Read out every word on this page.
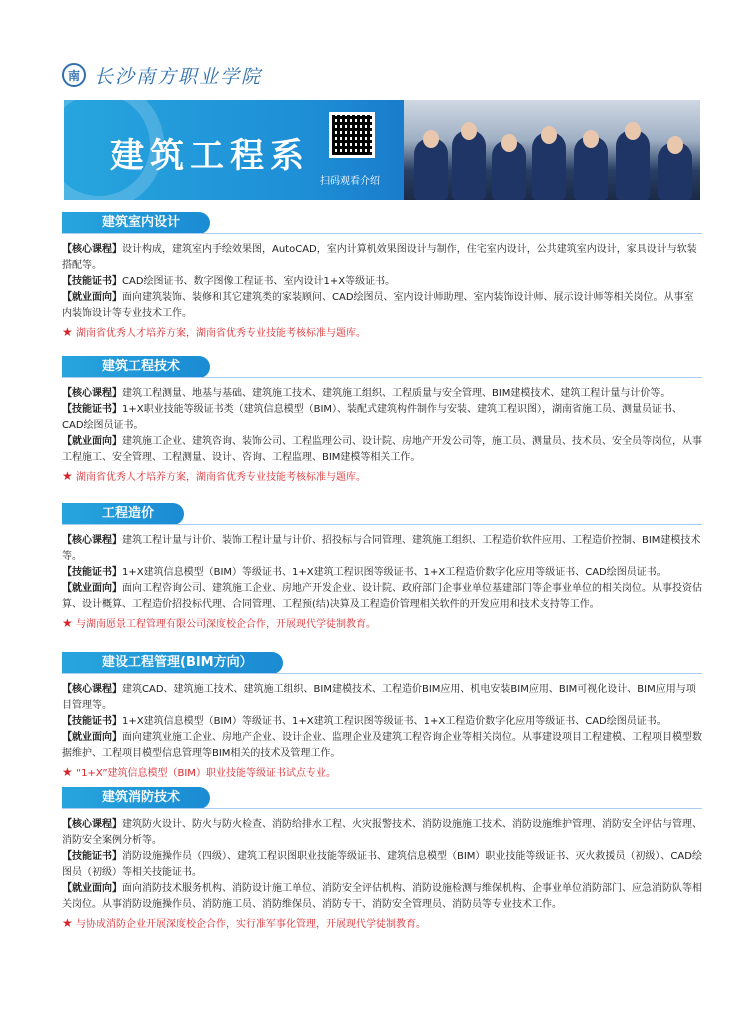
南 长沙南方职业学院
建筑工程系
扫码观看介绍
建筑室内设计

【核心课程】设计构成，建筑室内手绘效果图，AutoCAD，室内计算机效果图设计与制作，住宅室内设计，公共建筑室内设计，家具设计与软装搭配等。

【技能证书】CAD绘图证书、数字图像工程证书、室内设计1+X等级证书。

【就业面向】面向建筑装饰、装修和其它建筑类的家装顾问、CAD绘图员、室内设计师助理、室内装饰设计师、展示设计师等相关岗位。从事室内装饰设计等专业技术工作。

★ 湖南省优秀人才培养方案，湖南省优秀专业技能考核标准与题库。
建筑工程技术

【核心课程】建筑工程测量、地基与基础、建筑施工技术、建筑施工组织、工程质量与安全管理、BIM建模技术、建筑工程计量与计价等。

【技能证书】1+X职业技能等级证书类（建筑信息模型（BIM）、装配式建筑构件制作与安装、建筑工程识图），湖南省施工员、测量员证书、CAD绘图员证书。

【就业面向】建筑施工企业、建筑咨询、装饰公司、工程监理公司、设计院、房地产开发公司等，施工员、测量员、技术员、安全员等岗位，从事工程施工、安全管理、工程测量、设计、咨询、工程监理、BIM建模等相关工作。

★ 湖南省优秀人才培养方案，湖南省优秀专业技能考核标准与题库。
工程造价

【核心课程】建筑工程计量与计价、装饰工程计量与计价、招投标与合同管理、建筑施工组织、工程造价软件应用、工程造价控制、BIM建模技术等。

【技能证书】1+X建筑信息模型（BIM）等级证书、1+X建筑工程识图等级证书、1+X工程造价数字化应用等级证书、CAD绘图员证书。

【就业面向】面向工程咨询公司、建筑施工企业、房地产开发企业、设计院、政府部门企事业单位基建部门等企事业单位的相关岗位。从事投资估算、设计概算、工程造价招投标代理、合同管理、工程预(结)决算及工程造价管理相关软件的开发应用和技术支持等工作。

★ 与湖南愿景工程管理有限公司深度校企合作，开展现代学徒制教育。
建设工程管理(BIM方向）

【核心课程】建筑CAD、建筑施工技术、建筑施工组织、BIM建模技术、工程造价BIM应用、机电安装BIM应用、BIM可视化设计、BIM应用与项目管理等。

【技能证书】1+X建筑信息模型（BIM）等级证书、1+X建筑工程识图等级证书、1+X工程造价数字化应用等级证书、CAD绘图员证书。

【就业面向】面向建筑业施工企业、房地产企业、设计企业、监理企业及建筑工程咨询企业等相关岗位。从事建设项目工程建模、工程项目模型数据维护、工程项目模型信息管理等BIM相关的技术及管理工作。

★ “1+X”建筑信息模型（BIM）职业技能等级证书试点专业。
建筑消防技术

【核心课程】建筑防火设计、防火与防火检查、消防给排水工程、火灾报警技术、消防设施施工技术、消防设施维护管理、消防安全评估与管理、消防安全案例分析等。

【技能证书】消防设施操作员（四级）、建筑工程识图职业技能等级证书、建筑信息模型（BIM）职业技能等级证书、灭火救援员（初级）、CAD绘图员（初级）等相关技能证书。

【就业面向】面向消防技术服务机构、消防设计施工单位、消防安全评估机构、消防设施检测与维保机构、企事业单位消防部门、应急消防队等相关岗位。从事消防设施操作员、消防施工员、消防维保员、消防专干、消防安全管理员、消防员等专业技术工作。

★ 与协成消防企业开展深度校企合作，实行准军事化管理，开展现代学徒制教育。
